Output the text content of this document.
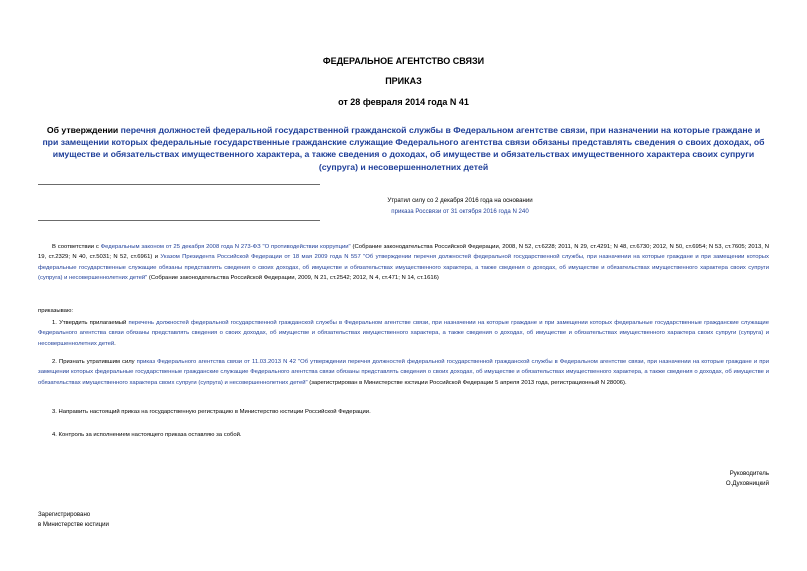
ФЕДЕРАЛЬНОЕ АГЕНТСТВО СВЯЗИ
ПРИКАЗ
от 28 февраля 2014 года N 41
Об утверждении перечня должностей федеральной государственной гражданской службы в Федеральном агентстве связи, при назначении на которые граждане и при замещении которых федеральные государственные гражданские служащие Федерального агентства связи обязаны представлять сведения о своих доходах, об имуществе и обязательствах имущественного характера, а также сведения о доходах, об имуществе и обязательствах имущественного характера своих супруги (супруга) и несовершеннолетних детей
Утратил силу со 2 декабря 2016 года на основании
приказа Россвязи от 31 октября 2016 года N 240
В соответствии с Федеральным законом от 25 декабря 2008 года N 273-ФЗ "О противодействии коррупции" (Собрание законодательства Российской Федерации, 2008, N 52, ст.6228; 2011, N 29, ст.4291; N 48, ст.6730; 2012, N 50, ст.6954; N 53, ст.7605; 2013, N 19, ст.2329; N 40, ст.5031; N 52, ст.6961) и Указом Президента Российской Федерации от 18 мая 2009 года N 557 "Об утверждении перечня должностей федеральной государственной службы, при назначении на которые граждане и при замещении которых федеральные государственные служащие обязаны представлять сведения о своих доходах, об имуществе и обязательствах имущественного характера, а также сведения о доходах, об имуществе и обязательствах имущественного характера своих супруги (супруга) и несовершеннолетних детей" (Собрание законодательства Российской Федерации, 2009, N 21, ст.2542; 2012, N 4, ст.471; N 14, ст.1616)
приказываю:
1. Утвердить прилагаемый перечень должностей федеральной государственной гражданской службы в Федеральном агентстве связи, при назначении на которые граждане и при замещении которых федеральные государственные гражданские служащие Федерального агентства связи обязаны представлять сведения о своих доходах, об имуществе и обязательствах имущественного характера, а также сведения о доходах, об имуществе и обязательствах имущественного характера своих супруги (супруга) и несовершеннолетних детей.
2. Признать утратившим силу приказ Федерального агентства связи от 11.03.2013 N 42 "Об утверждении перечня должностей федеральной государственной гражданской службы в Федеральном агентстве связи, при назначении на которые граждане и при замещении которых федеральные государственные гражданские служащие Федерального агентства связи обязаны представлять сведения о своих доходах, об имуществе и обязательствах имущественного характера, а также сведения о доходах, об имуществе и обязательствах имущественного характера своих супруги (супруга) и несовершеннолетних детей" (зарегистрирован в Министерстве юстиции Российской Федерации 5 апреля 2013 года, регистрационный N 28006).
3. Направить настоящий приказ на государственную регистрацию в Министерство юстиции Российской Федерации.
4. Контроль за исполнением настоящего приказа оставляю за собой.
Руководитель
О.Духовницкий
Зарегистрировано
в Министерстве юстиции
